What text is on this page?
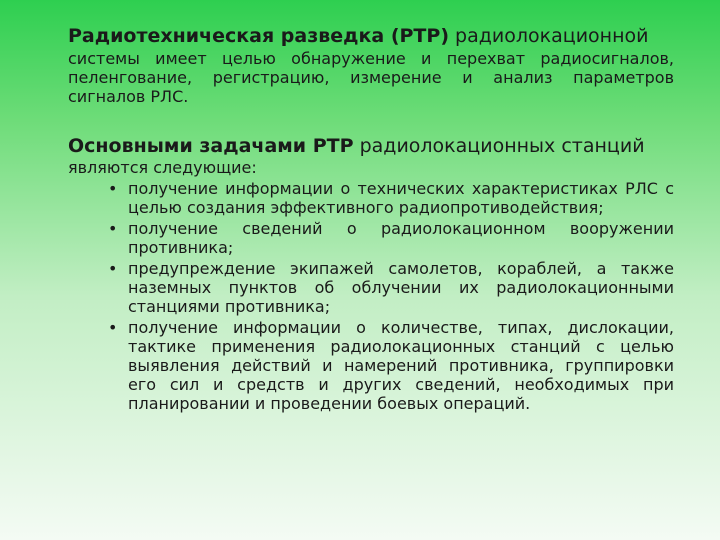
Радиотехническая разведка (РТР) радиолокационной
системы имеет целью обнаружение и перехват радиосигналов, пеленгование, регистрацию, измерение и анализ параметров сигналов РЛС.
Основными задачами РТР радиолокационных станций
являются следующие:
• получение информации о технических характеристиках РЛС с целью создания эффективного радиопротиводействия;
• получение сведений о радиолокационном вооружении противника;
• предупреждение экипажей самолетов, кораблей, а также наземных пунктов об облучении их радиолокационными станциями противника;
• получение информации о количестве, типах, дислокации, тактике применения радиолокационных станций с целью выявления действий и намерений противника, группировки его сил и средств и других сведений, необходимых при планировании и проведении боевых операций.
